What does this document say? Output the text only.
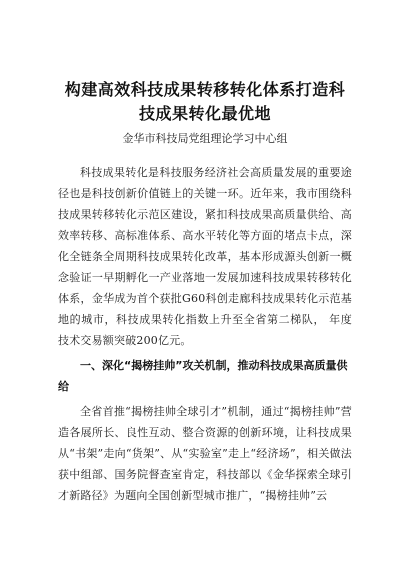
构建高效科技成果转移转化体系打造科技成果转化最优地
金华市科技局党组理论学习中心组

科技成果转化是科技服务经济社会高质量发展的重要途径也是科技创新价值链上的关键一环。近年来，我市围绕科技成果转移转化示范区建设，紧扣科技成果高质量供给、高效率转移、高标准体系、高水平转化等方面的堵点卡点，深化全链条全周期科技成果转化改革，基本形成源头创新一概念验证一早期孵化一产业落地一发展加速科技成果转移转化体系，金华成为首个获批G60科创走廊科技成果转化示范基地的城市，科技成果转化指数上升至全省第二梯队， 年度技术交易额突破200亿元。

一、深化“揭榜挂帅”攻关机制，推动科技成果高质量供给

全省首推“揭榜挂帅全球引才”机制，通过“揭榜挂帅”营造各展所长、良性互动、整合资源的创新环境，让科技成果从“书架”走向“货架”、从“实验室”走上“经济场”，相关做法获中组部、国务院督查室肯定，科技部以《金华探索全球引才新路径》为题向全国创新型城市推广，“揭榜挂帅”云
